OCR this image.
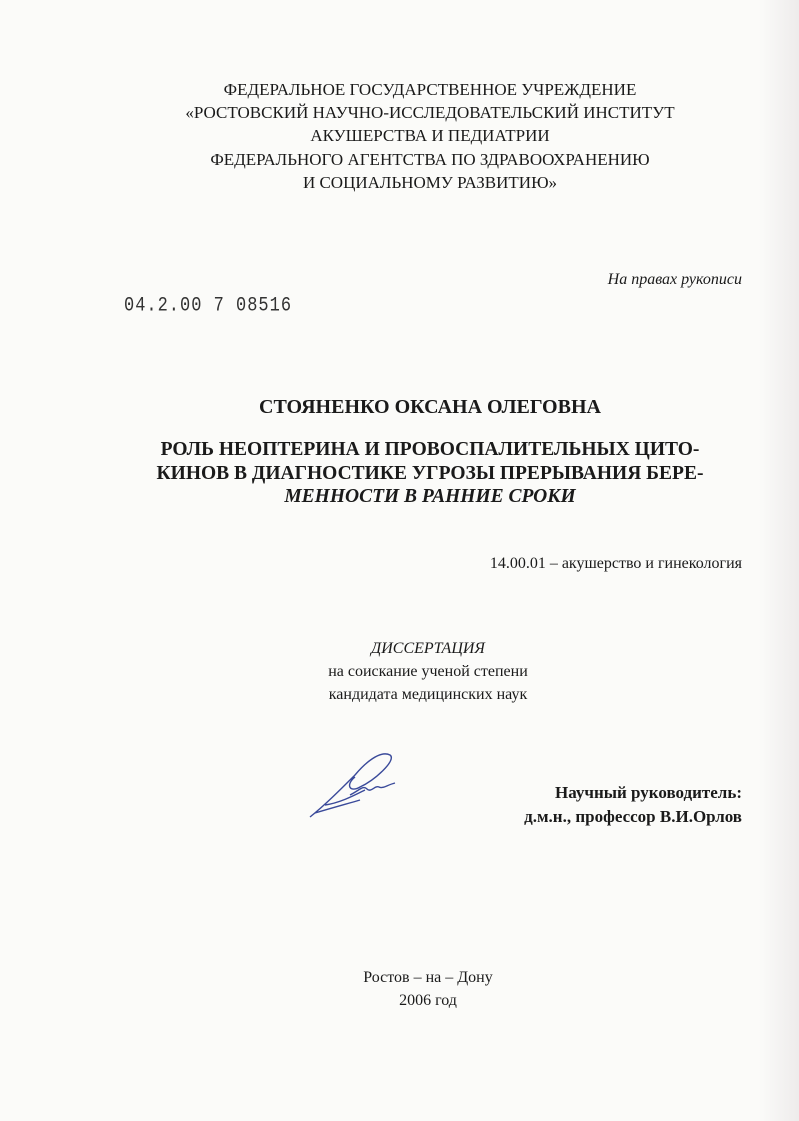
ФЕДЕРАЛЬНОЕ ГОСУДАРСТВЕННОЕ УЧРЕЖДЕНИЕ
«РОСТОВСКИЙ НАУЧНО-ИССЛЕДОВАТЕЛЬСКИЙ ИНСТИТУТ
АКУШЕРСТВА И ПЕДИАТРИИ
ФЕДЕРАЛЬНОГО АГЕНТСТВА ПО ЗДРАВООХРАНЕНИЮ
И СОЦИАЛЬНОМУ РАЗВИТИЮ»
На правах рукописи
04.2.00 7 08516
СТОЯНЕНКО ОКСАНА ОЛЕГОВНА
РОЛЬ НЕОПТЕРИНА И ПРОВОСПАЛИТЕЛЬНЫХ ЦИТО-
КИНОВ В ДИАГНОСТИКЕ УГРОЗЫ ПРЕРЫВАНИЯ БЕРЕ-
МЕННОСТИ В РАННИЕ СРОКИ
14.00.01 – акушерство и гинекология
ДИССЕРТАЦИЯ
на соискание ученой степени
кандидата медицинских наук
Научный руководитель:
д.м.н., профессор В.И.Орлов
Ростов – на – Дону
2006 год
